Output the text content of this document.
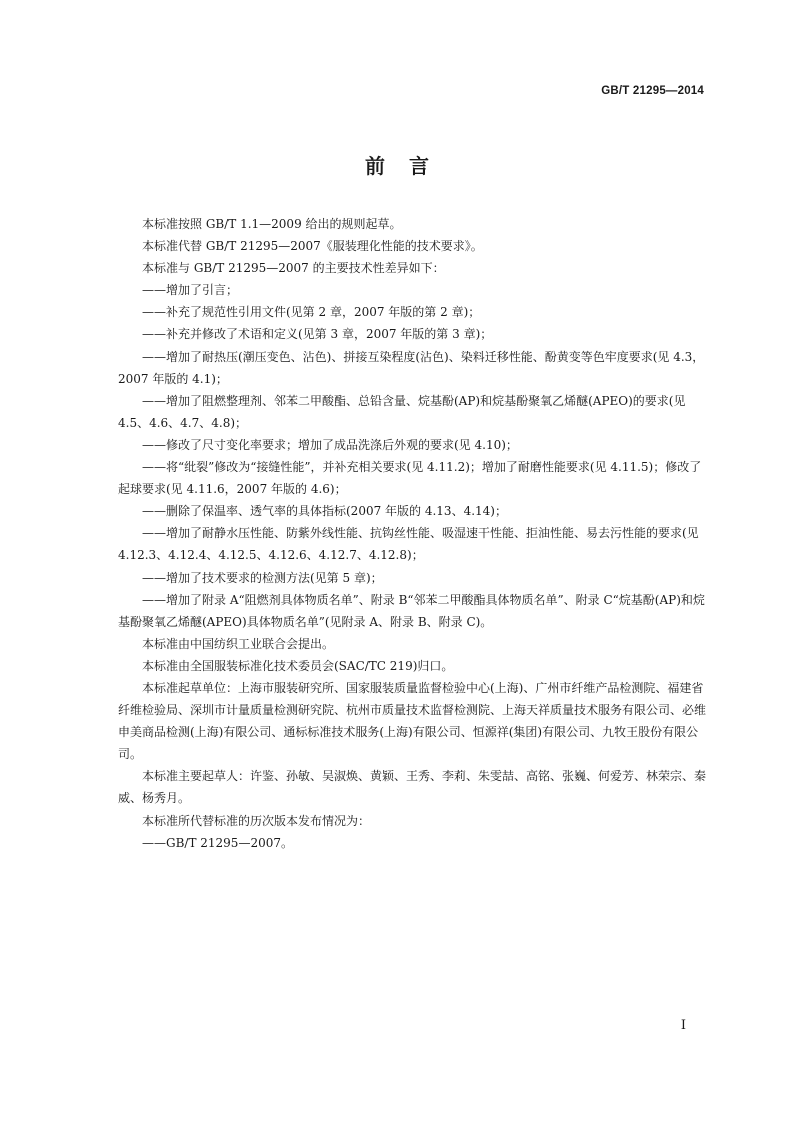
GB/T 21295—2014
前言

本标准按照 GB/T 1.1—2009 给出的规则起草。

本标准代替 GB/T 21295—2007《服装理化性能的技术要求》。

本标准与 GB/T 21295—2007 的主要技术性差异如下：

——增加了引言；

——补充了规范性引用文件(见第 2 章，2007 年版的第 2 章)；

——补充并修改了术语和定义(见第 3 章，2007 年版的第 3 章)；

——增加了耐热压(潮压变色、沾色)、拼接互染程度(沾色)、染料迁移性能、酚黄变等色牢度要求(见 4.3，2007 年版的 4.1)；

——增加了阻燃整理剂、邻苯二甲酸酯、总铅含量、烷基酚(AP)和烷基酚聚氧乙烯醚(APEO)的要求(见 4.5、4.6、4.7、4.8)；

——修改了尺寸变化率要求；增加了成品洗涤后外观的要求(见 4.10)；

——将“纰裂”修改为“接缝性能”，并补充相关要求(见 4.11.2)；增加了耐磨性能要求(见 4.11.5)；修改了起球要求(见 4.11.6，2007 年版的 4.6)；

——删除了保温率、透气率的具体指标(2007 年版的 4.13、4.14)；

——增加了耐静水压性能、防紫外线性能、抗钩丝性能、吸湿速干性能、拒油性能、易去污性能的要求(见 4.12.3、4.12.4、4.12.5、4.12.6、4.12.7、4.12.8)；

——增加了技术要求的检测方法(见第 5 章)；

——增加了附录 A“阻燃剂具体物质名单”、附录 B“邻苯二甲酸酯具体物质名单”、附录 C“烷基酚(AP)和烷基酚聚氧乙烯醚(APEO)具体物质名单”(见附录 A、附录 B、附录 C)。

本标准由中国纺织工业联合会提出。

本标准由全国服装标准化技术委员会(SAC/TC 219)归口。

本标准起草单位：上海市服装研究所、国家服装质量监督检验中心(上海)、广州市纤维产品检测院、福建省纤维检验局、深圳市计量质量检测研究院、杭州市质量技术监督检测院、上海天祥质量技术服务有限公司、必维申美商品检测(上海)有限公司、通标标准技术服务(上海)有限公司、恒源祥(集团)有限公司、九牧王股份有限公司。

本标准主要起草人：许鉴、孙敏、吴淑焕、黄颖、王秀、李莉、朱雯喆、高铭、张巍、何爱芳、林荣宗、秦威、杨秀月。

本标准所代替标准的历次版本发布情况为：

——GB/T 21295—2007。

I
